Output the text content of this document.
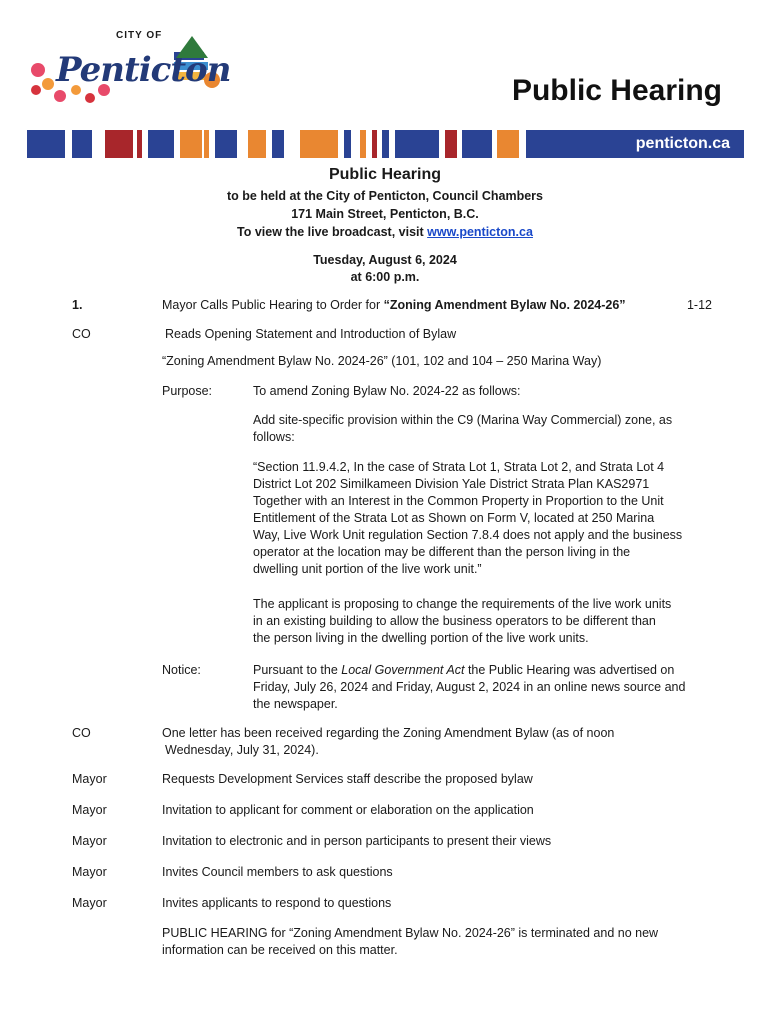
CITY OF
Penticton
Public Hearing
penticton.ca
Public Hearing
to be held at the City of Penticton, Council Chambers
171 Main Street, Penticton, B.C.
To view the live broadcast, visit www.penticton.ca
Tuesday, August 6, 2024
at 6:00 p.m.
1.	Mayor Calls Public Hearing to Order for “Zoning Amendment Bylaw No. 2024-26”	1-12
CO	Reads Opening Statement and Introduction of Bylaw
“Zoning Amendment Bylaw No. 2024-26” (101, 102 and 104 – 250 Marina Way)
Purpose:	To amend Zoning Bylaw No. 2024-22 as follows:
Add site-specific provision within the C9 (Marina Way Commercial) zone, as
follows:
“Section 11.9.4.2, In the case of Strata Lot 1, Strata Lot 2, and Strata Lot 4
District Lot 202 Similkameen Division Yale District Strata Plan KAS2971
Together with an Interest in the Common Property in Proportion to the Unit
Entitlement of the Strata Lot as Shown on Form V, located at 250 Marina
Way, Live Work Unit regulation Section 7.8.4 does not apply and the business
operator at the location may be different than the person living in the
dwelling unit portion of the live work unit.”
The applicant is proposing to change the requirements of the live work units
in an existing building to allow the business operators to be different than
the person living in the dwelling portion of the live work units.
Notice:	Pursuant to the Local Government Act the Public Hearing was advertised on
Friday, July 26, 2024 and Friday, August 2, 2024 in an online news source and
the newspaper.
CO	One letter has been received regarding the Zoning Amendment Bylaw (as of noon
Wednesday, July 31, 2024).
Mayor	Requests Development Services staff describe the proposed bylaw
Mayor	Invitation to applicant for comment or elaboration on the application
Mayor	Invitation to electronic and in person participants to present their views
Mayor	Invites Council members to ask questions
Mayor	Invites applicants to respond to questions
PUBLIC HEARING for “Zoning Amendment Bylaw No. 2024-26” is terminated and no new
information can be received on this matter.
